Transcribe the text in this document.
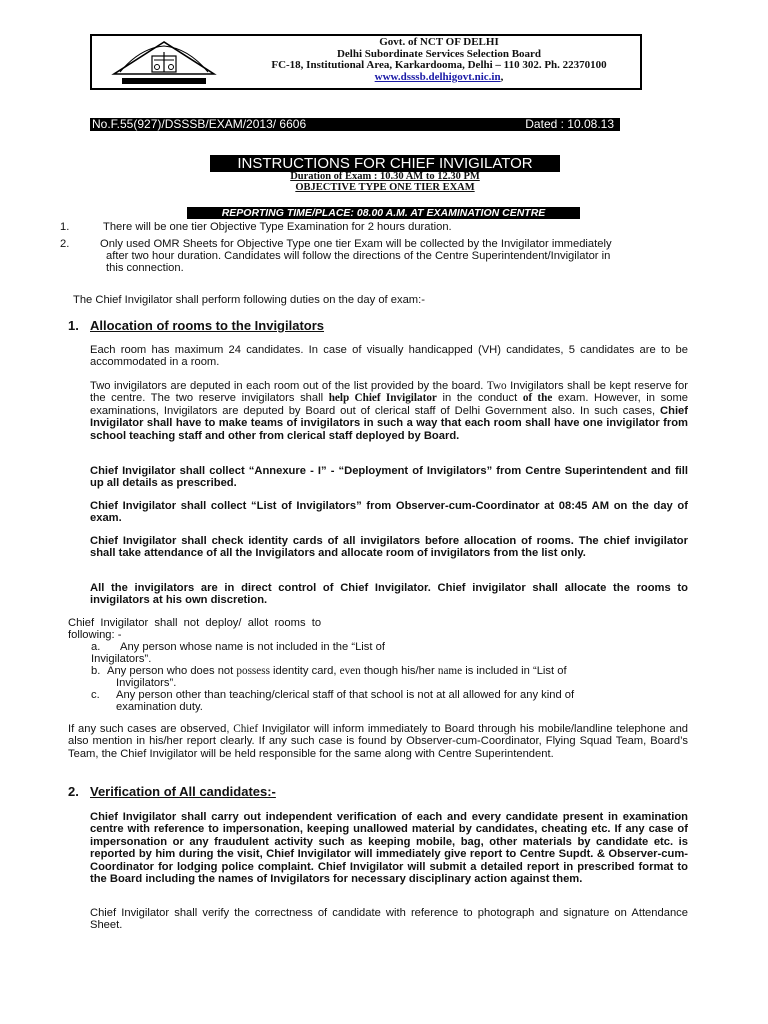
Govt. of NCT OF DELHI
Delhi Subordinate Services Selection Board
FC-18, Institutional Area, Karkardooma, Delhi – 110 302. Ph. 22370100
www.dsssb.delhigovt.nic.in,
No.F.55(927)/DSSSB/EXAM/2013/ 6606	Dated : 10.08.13
INSTRUCTIONS FOR CHIEF INVIGILATOR
Duration of Exam : 10.30 AM to 12.30 PM
OBJECTIVE TYPE ONE TIER EXAM
REPORTING TIME/PLACE: 08.00 A.M. AT EXAMINATION CENTRE
1.	There will be one tier Objective Type Examination for 2 hours duration.
2.	Only used OMR Sheets for Objective Type one tier Exam will be collected by the Invigilator immediately
after two hour duration. Candidates will follow the directions of the Centre Superintendent/Invigilator in
this connection.
The Chief Invigilator shall perform following duties on the day of exam:-
1. Allocation of rooms to the Invigilators

Each room has maximum 24 candidates. In case of visually handicapped (VH) candidates, 5 candidates are to be accommodated in a room.

Two invigilators are deputed in each room out of the list provided by the board. Two Invigilators shall be kept reserve for the centre. The two reserve invigilators shall help Chief Invigilator in the conduct of the exam. However, in some examinations, Invigilators are deputed by Board out of clerical staff of Delhi Government also. In such cases, Chief Invigilator shall have to make teams of invigilators in such a way that each room shall have one invigilator from school teaching staff and other from clerical staff deployed by Board.

Chief Invigilator shall collect “Annexure - I” - “Deployment of Invigilators” from Centre Superintendent and fill up all details as prescribed.

Chief Invigilator shall collect “List of Invigilators” from Observer-cum-Coordinator at 08:45 AM on the day of exam.

Chief Invigilator shall check identity cards of all invigilators before allocation of rooms. The chief invigilator shall take attendance of all the Invigilators and allocate room of invigilators from the list only.

All the invigilators are in direct control of Chief Invigilator. Chief invigilator shall allocate the rooms to invigilators at his own discretion.

Chief  Invigilator  shall  not  deploy/  allot  rooms  to
following: -
a. Any person whose name is not included in the “List of
Invigilators”.
b. Any person who does not possess identity card, even though his/her name is included in “List of
Invigilators”.
c. Any person other than teaching/clerical staff of that school is not at all allowed for any kind of
examination duty.

If any such cases are observed, Chief Invigilator will inform immediately to Board through his mobile/landline telephone and also mention in his/her report clearly. If any such case is found by Observer-cum-Coordinator, Flying Squad Team, Board’s Team, the Chief Invigilator will be held responsible for the same along with Centre Superintendent.

2. Verification of All candidates:-

Chief Invigilator shall carry out independent verification of each and every candidate present in examination centre with reference to impersonation, keeping unallowed material by candidates, cheating etc. If any case of impersonation or any fraudulent activity such as keeping mobile, bag, other materials by candidate etc. is reported by him during the visit, Chief Invigilator will immediately give report to Centre Supdt. & Observer-cum-Coordinator for lodging police complaint. Chief Invigilator will submit a detailed report in prescribed format to the Board including the names of Invigilators for necessary disciplinary action against them.

Chief Invigilator shall verify the correctness of candidate with reference to photograph and signature on Attendance Sheet.
